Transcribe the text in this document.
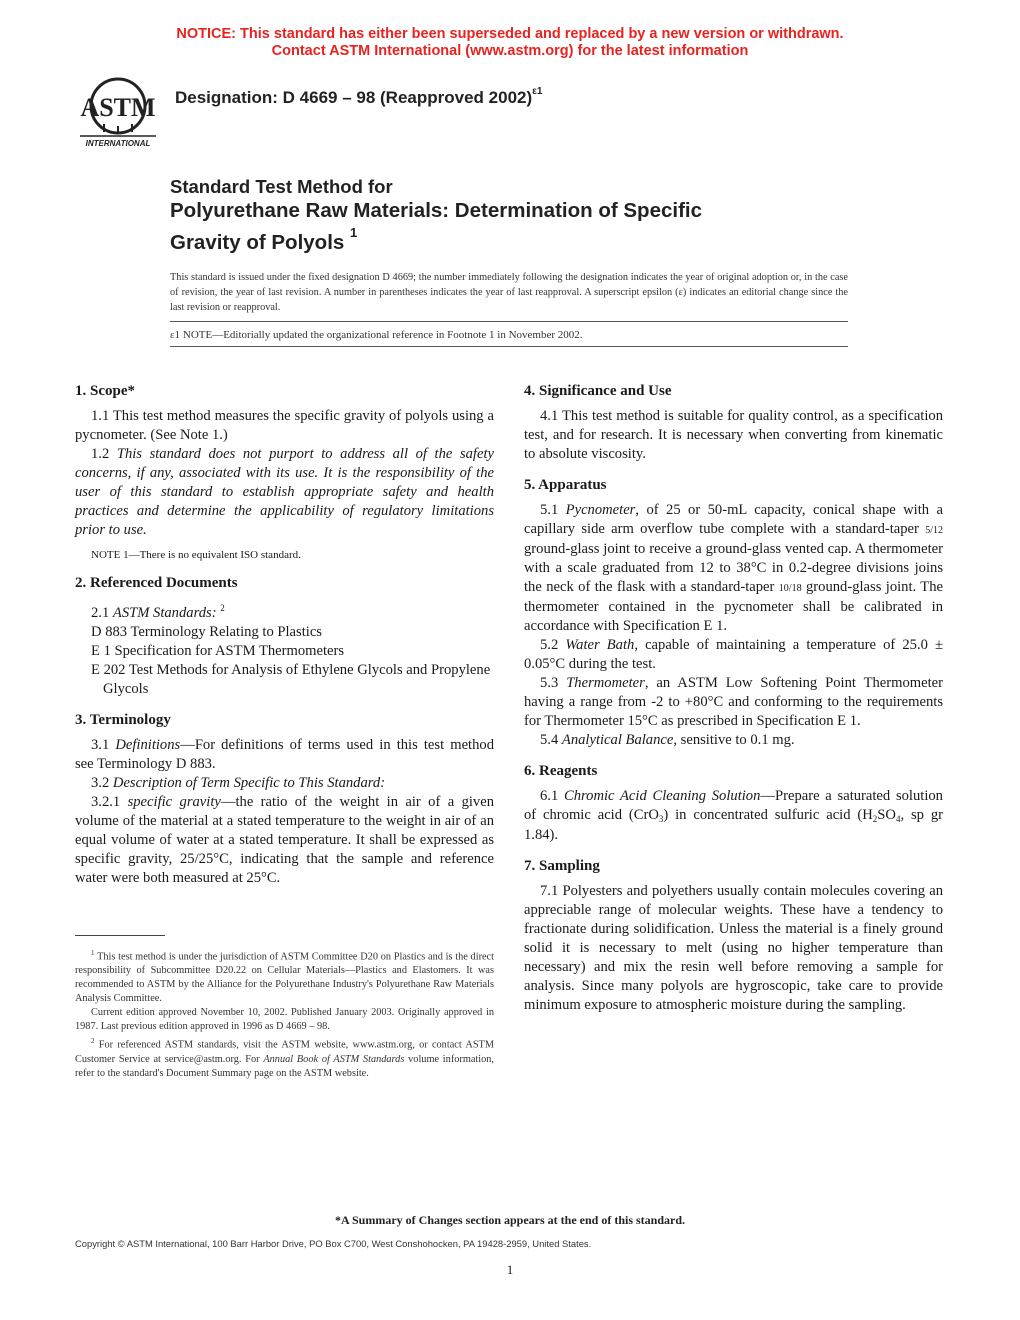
NOTICE: This standard has either been superseded and replaced by a new version or withdrawn.
Contact ASTM International (www.astm.org) for the latest information
ASTM
INTERNATIONAL
Designation: D 4669 – 98 (Reapproved 2002)$^{\varepsilon 1}$
Standard Test Method for
Polyurethane Raw Materials: Determination of Specific
Gravity of Polyols $^1$
This standard is issued under the fixed designation D 4669; the number immediately following the designation indicates the year of original adoption or, in the case of revision, the year of last revision. A number in parentheses indicates the year of last reapproval. A superscript epsilon (ε) indicates an editorial change since the last revision or reapproval.
ε1 NOTE—Editorially updated the organizational reference in Footnote 1 in November 2002.
1. Scope*

1.1 This test method measures the specific gravity of polyols using a pycnometer. (See Note 1.)

1.2 This standard does not purport to address all of the safety concerns, if any, associated with its use. It is the responsibility of the user of this standard to establish appropriate safety and health practices and determine the applicability of regulatory limitations prior to use.

NOTE 1—There is no equivalent ISO standard.

2. Referenced Documents

2.1 ASTM Standards: $^2$

D 883 Terminology Relating to Plastics

E 1 Specification for ASTM Thermometers

E 202 Test Methods for Analysis of Ethylene Glycols and Propylene Glycols

3. Terminology

3.1 Definitions—For definitions of terms used in this test method see Terminology D 883.

3.2 Description of Term Specific to This Standard:

3.2.1 specific gravity—the ratio of the weight in air of a given volume of the material at a stated temperature to the weight in air of an equal volume of water at a stated temperature. It shall be expressed as specific gravity, 25/25°C, indicating that the sample and reference water were both measured at 25°C.

$^1$ This test method is under the jurisdiction of ASTM Committee D20 on Plastics and is the direct responsibility of Subcommittee D20.22 on Cellular Materials—Plastics and Elastomers. It was recommended to ASTM by the Alliance for the Polyurethane Industry's Polyurethane Raw Materials Analysis Committee.

Current edition approved November 10, 2002. Published January 2003. Originally approved in 1987. Last previous edition approved in 1996 as D 4669 – 98.

$^2$ For referenced ASTM standards, visit the ASTM website, www.astm.org, or contact ASTM Customer Service at service@astm.org. For Annual Book of ASTM Standards volume information, refer to the standard's Document Summary page on the ASTM website.

4. Significance and Use

4.1 This test method is suitable for quality control, as a specification test, and for research. It is necessary when converting from kinematic to absolute viscosity.

5. Apparatus

5.1 Pycnometer, of 25 or 50-mL capacity, conical shape with a capillary side arm overflow tube complete with a standard-taper 5/12 ground-glass joint to receive a ground-glass vented cap. A thermometer with a scale graduated from 12 to 38°C in 0.2-degree divisions joins the neck of the flask with a standard-taper 10/18 ground-glass joint. The thermometer contained in the pycnometer shall be calibrated in accordance with Specification E 1.

5.2 Water Bath, capable of maintaining a temperature of 25.0 ± 0.05°C during the test.

5.3 Thermometer, an ASTM Low Softening Point Thermometer having a range from -2 to +80°C and conforming to the requirements for Thermometer 15°C as prescribed in Specification E 1.

5.4 Analytical Balance, sensitive to 0.1 mg.

6. Reagents

6.1 Chromic Acid Cleaning Solution—Prepare a saturated solution of chromic acid (CrO$_3$) in concentrated sulfuric acid ($H_2SO_4$, sp gr 1.84).

7. Sampling

7.1 Polyesters and polyethers usually contain molecules covering an appreciable range of molecular weights. These have a tendency to fractionate during solidification. Unless the material is a finely ground solid it is necessary to melt (using no higher temperature than necessary) and mix the resin well before removing a sample for analysis. Since many polyols are hygroscopic, take care to provide minimum exposure to atmospheric moisture during the sampling.

*A Summary of Changes section appears at the end of this standard.
Copyright © ASTM International, 100 Barr Harbor Drive, PO Box C700, West Conshohocken, PA 19428-2959, United States.
1
